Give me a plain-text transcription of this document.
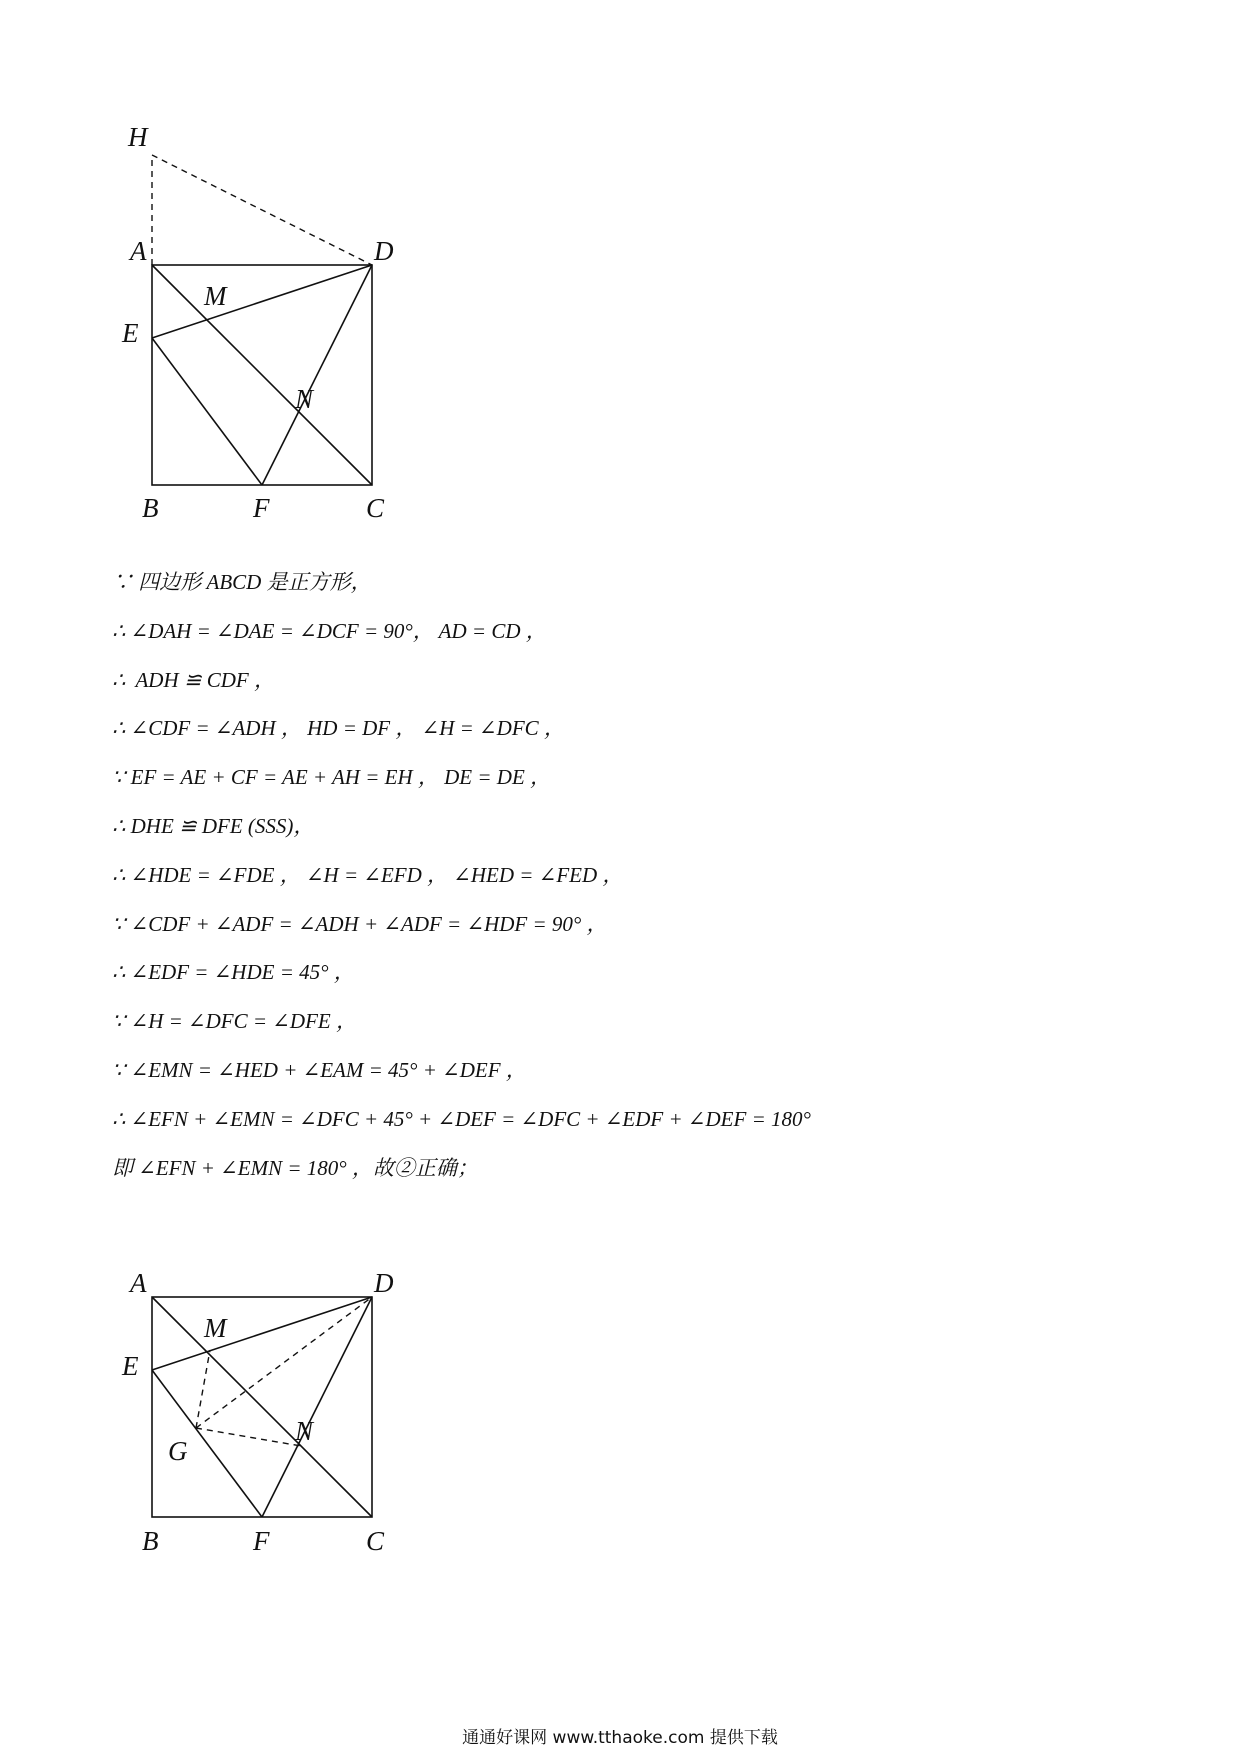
H
A	D
M
E
N
B	F	C
∵ 四边形 ABCD 是正方形，
∴ ∠DAH = ∠DAE = ∠DCF = 90°， AD = CD ，
∴  ADH ≌ CDF ，
∴ ∠CDF = ∠ADH ， HD = DF ， ∠H = ∠DFC ，
∵ EF = AE + CF = AE + AH = EH ， DE = DE ，
∴ DHE ≌ DFE (SSS)，
∴ ∠HDE = ∠FDE ， ∠H = ∠EFD ， ∠HED = ∠FED ，
∵ ∠CDF + ∠ADF = ∠ADH + ∠ADF = ∠HDF = 90° ，
∴ ∠EDF = ∠HDE = 45° ，
∵ ∠H = ∠DFC = ∠DFE ，
∵ ∠EMN = ∠HED + ∠EAM = 45° + ∠DEF ，
∴ ∠EFN + ∠EMN = ∠DFC + 45° + ∠DEF = ∠DFC + ∠EDF + ∠DEF = 180°
即 ∠EFN + ∠EMN = 180° ，故②正确；
A	D
M
E
N
G
B	F	C
通通好课网 www.tthaoke.com 提供下载
